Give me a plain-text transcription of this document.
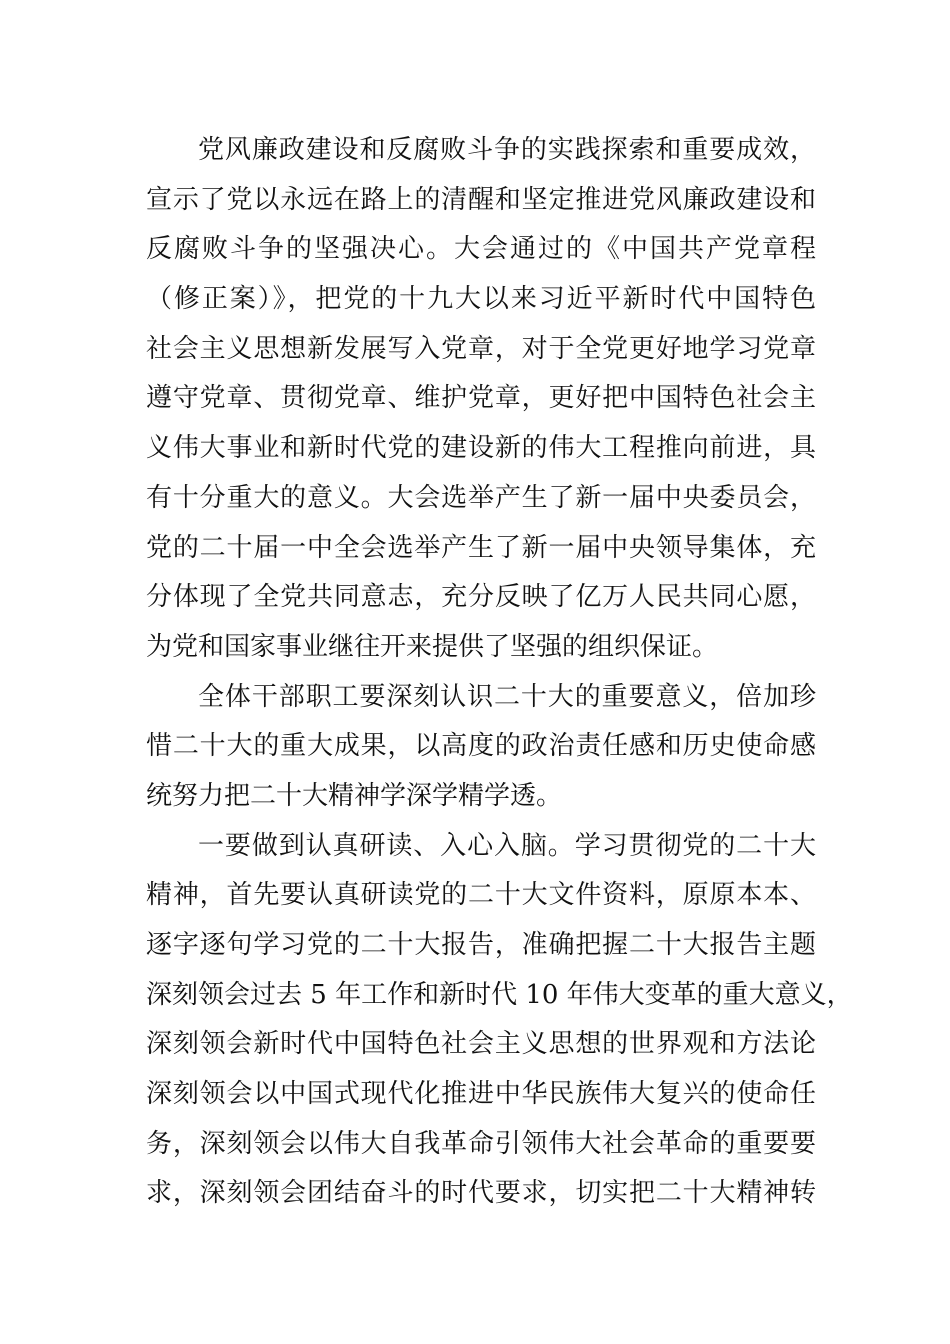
党风廉政建设和反腐败斗争的实践探索和重要成效，
宣示了党以永远在路上的清醒和坚定推进党风廉政建设和
反腐败斗争的坚强决心。大会通过的《中国共产党章程
（修正案）》，把党的十九大以来习近平新时代中国特色
社会主义思想新发展写入党章，对于全党更好地学习党章
遵守党章、贯彻党章、维护党章，更好把中国特色社会主
义伟大事业和新时代党的建设新的伟大工程推向前进，具
有十分重大的意义。大会选举产生了新一届中央委员会，
党的二十届一中全会选举产生了新一届中央领导集体，充
分体现了全党共同意志，充分反映了亿万人民共同心愿，
为党和国家事业继往开来提供了坚强的组织保证。
全体干部职工要深刻认识二十大的重要意义，倍加珍
惜二十大的重大成果，以高度的政治责任感和历史使命感
统努力把二十大精神学深学精学透。
一要做到认真研读、入心入脑。学习贯彻党的二十大
精神，首先要认真研读党的二十大文件资料，原原本本、
逐字逐句学习党的二十大报告，准确把握二十大报告主题
深刻领会过去 5 年工作和新时代 10 年伟大变革的重大意义，
深刻领会新时代中国特色社会主义思想的世界观和方法论
深刻领会以中国式现代化推进中华民族伟大复兴的使命任
务，深刻领会以伟大自我革命引领伟大社会革命的重要要
求，深刻领会团结奋斗的时代要求，切实把二十大精神转
